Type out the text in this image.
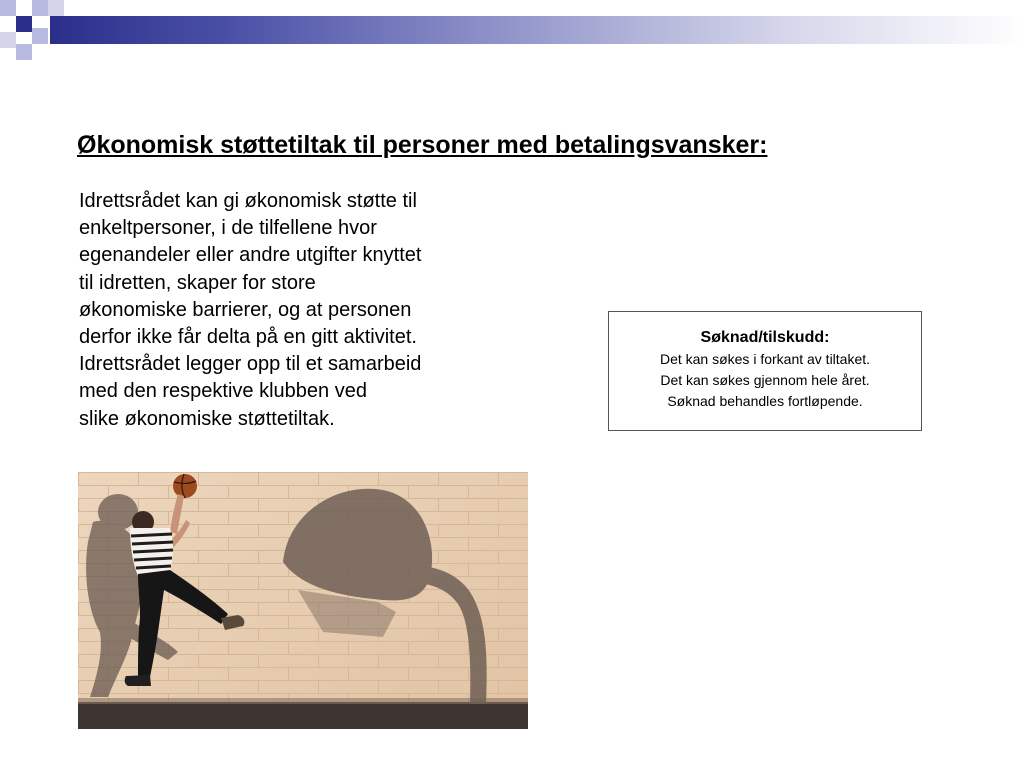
Økonomisk støttetiltak til personer med betalingsvansker:
Idrettsrådet kan gi økonomisk støtte til
enkeltpersoner, i de tilfellene hvor
egenandeler eller andre utgifter knyttet
til idretten, skaper for store
økonomiske barrierer, og at personen
derfor ikke får delta på en gitt aktivitet.
Idrettsrådet legger opp til et samarbeid
med den respektive klubben ved
slike økonomiske støttetiltak.
Søknad/tilskudd:
Det kan søkes i forkant av tiltaket.
Det kan søkes gjennom hele året.
Søknad behandles fortløpende.
